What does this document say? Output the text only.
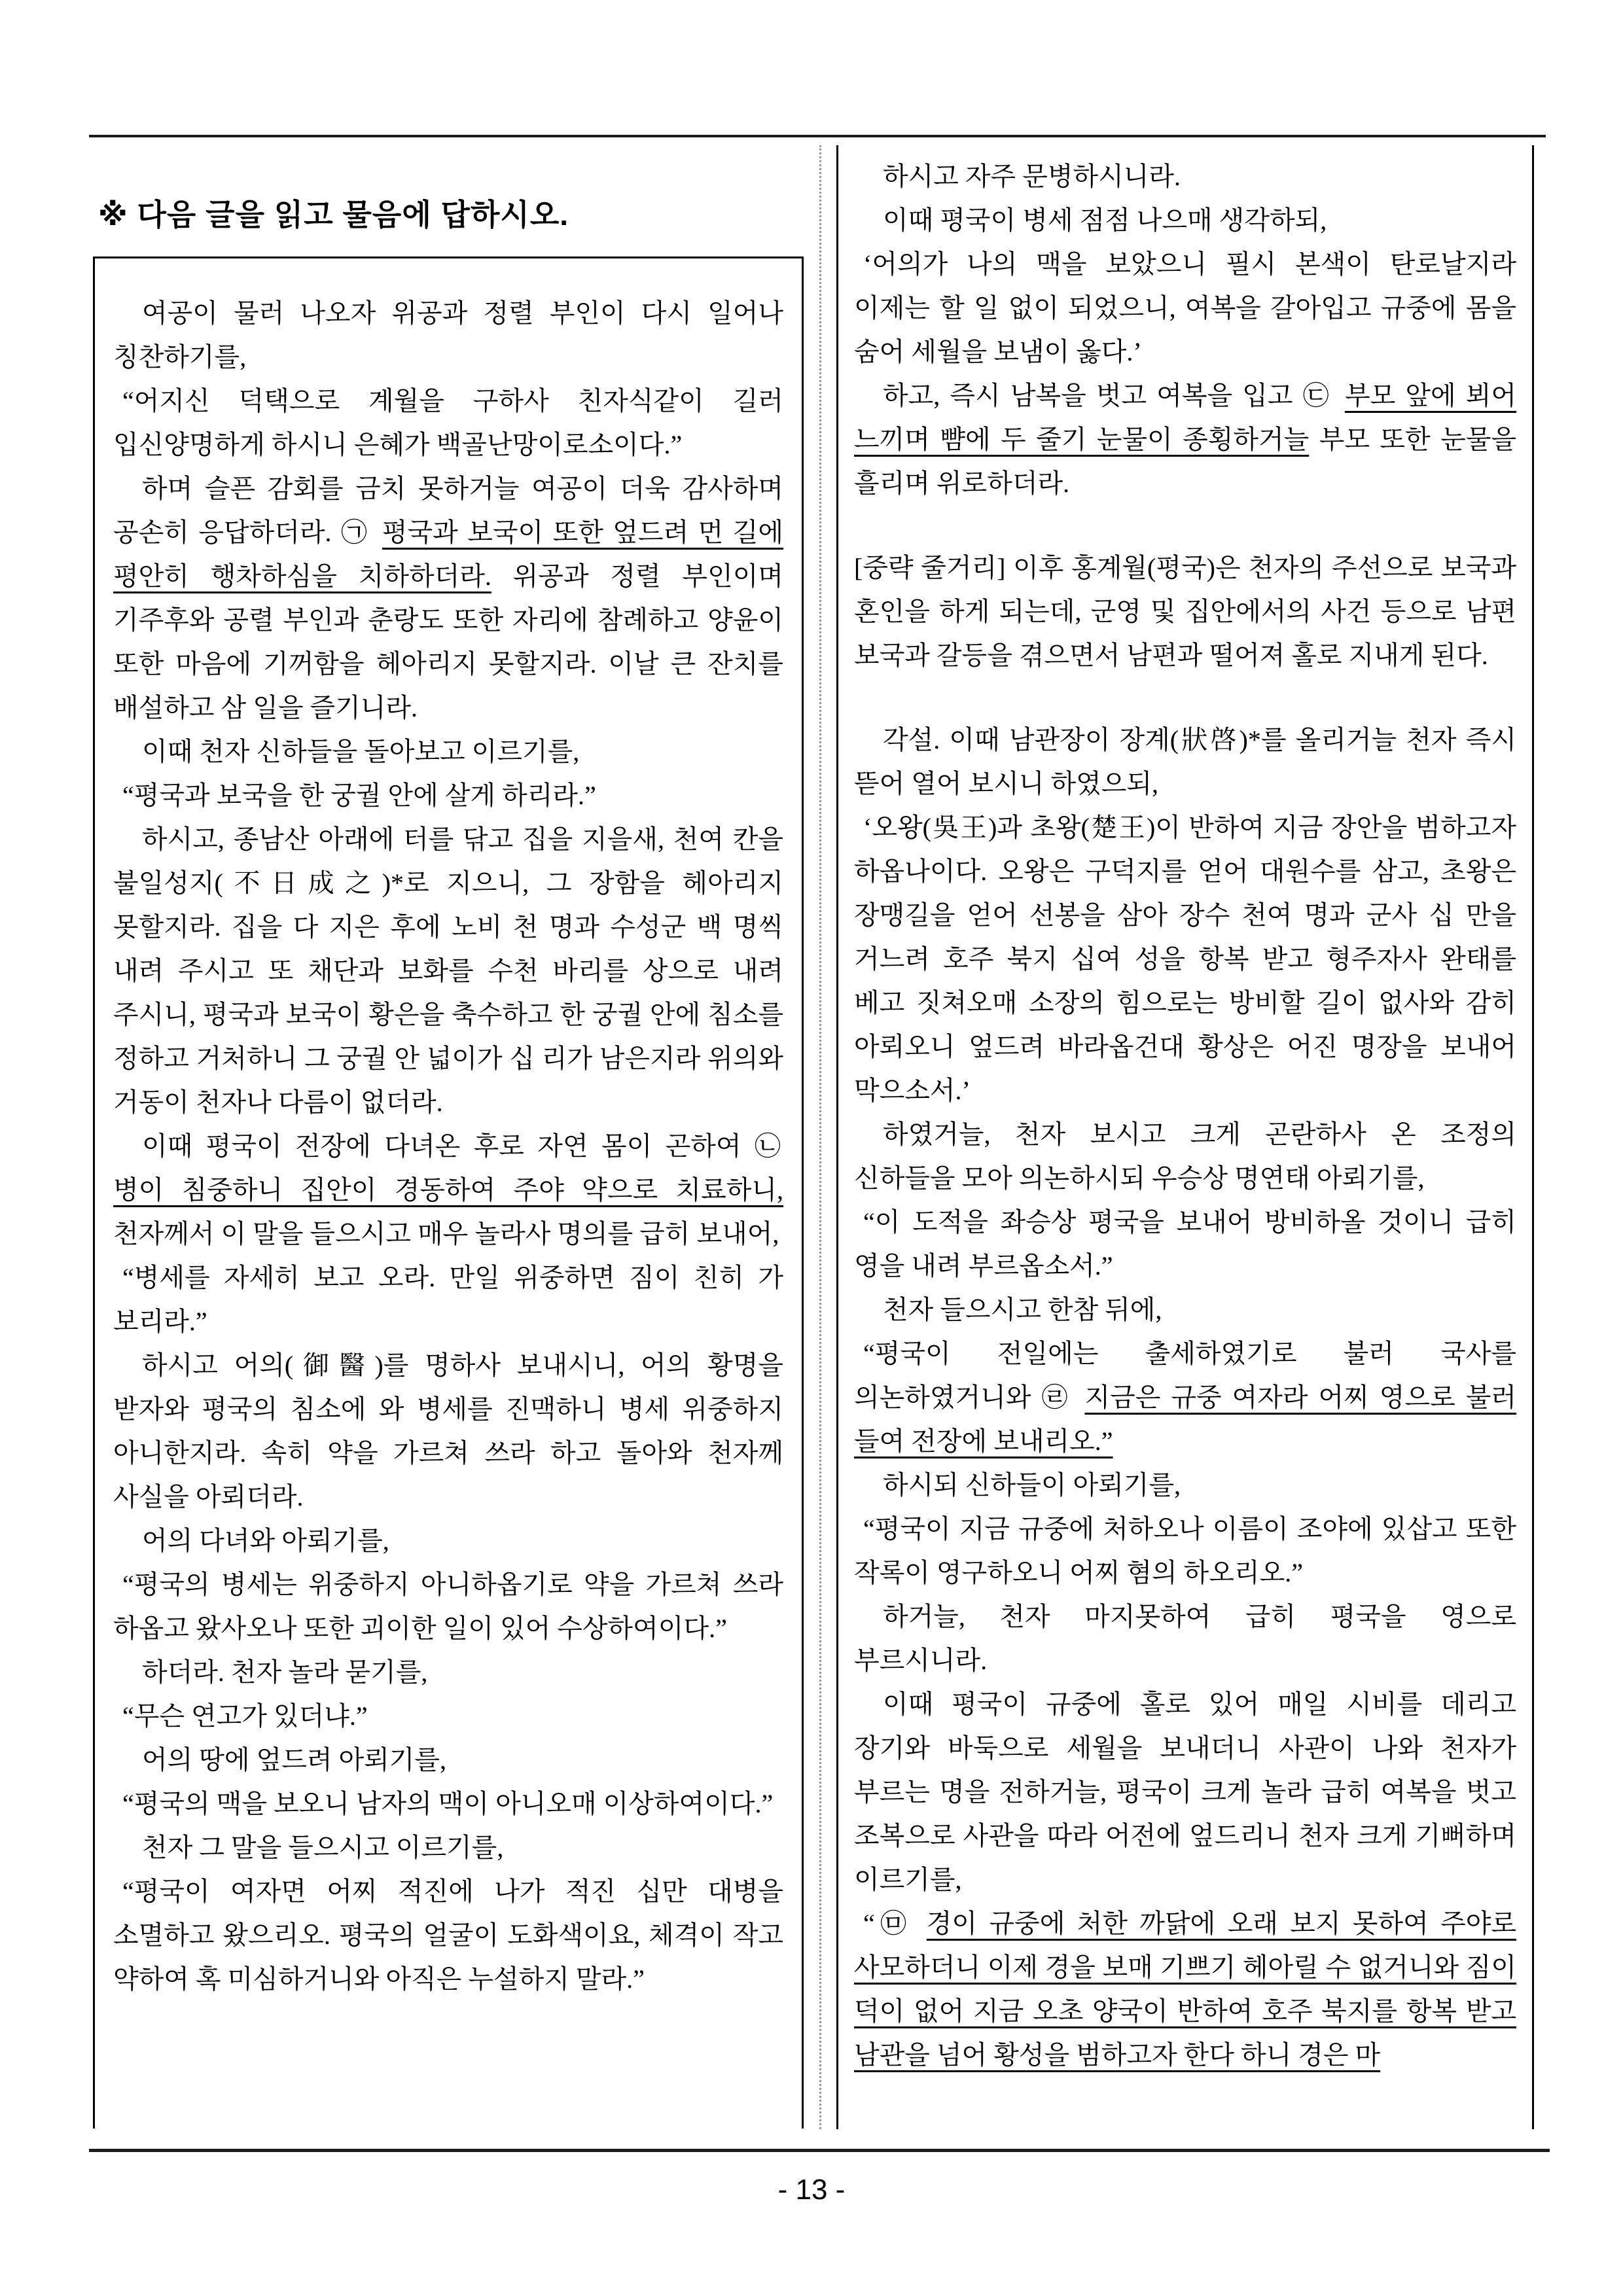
※ 다음 글을 읽고 물음에 답하시오.

여공이 물러 나오자 위공과 정렬 부인이 다시 일어나 칭찬하기를,

“어지신 덕택으로 계월을 구하사 친자식같이 길러 입신양명하게 하시니 은혜가 백골난망이로소이다.”

하며 슬픈 감회를 금치 못하거늘 여공이 더욱 감사하며 공손히 응답하더라. ㉠ 평국과 보국이 또한 엎드려 먼 길에 평안히 행차하심을 치하하더라. 위공과 정렬 부인이며 기주후와 공렬 부인과 춘랑도 또한 자리에 참례하고 양윤이 또한 마음에 기꺼함을 헤아리지 못할지라. 이날 큰 잔치를 배설하고 삼 일을 즐기니라.

이때 천자 신하들을 돌아보고 이르기를,

“평국과 보국을 한 궁궐 안에 살게 하리라.”

하시고, 종남산 아래에 터를 닦고 집을 지을새, 천여 칸을 불일성지(不日成之)*로 지으니, 그 장함을 헤아리지 못할지라. 집을 다 지은 후에 노비 천 명과 수성군 백 명씩 내려 주시고 또 채단과 보화를 수천 바리를 상으로 내려 주시니, 평국과 보국이 황은을 축수하고 한 궁궐 안에 침소를 정하고 거처하니 그 궁궐 안 넓이가 십 리가 남은지라 위의와 거동이 천자나 다름이 없더라.

이때 평국이 전장에 다녀온 후로 자연 몸이 곤하여 ㉡ 병이 침중하니 집안이 경동하여 주야 약으로 치료하니, 천자께서 이 말을 들으시고 매우 놀라사 명의를 급히 보내어,

“병세를 자세히 보고 오라. 만일 위중하면 짐이 친히 가 보리라.”

하시고 어의(御醫)를 명하사 보내시니, 어의 황명을 받자와 평국의 침소에 와 병세를 진맥하니 병세 위중하지 아니한지라. 속히 약을 가르쳐 쓰라 하고 돌아와 천자께 사실을 아뢰더라.

어의 다녀와 아뢰기를,

“평국의 병세는 위중하지 아니하옵기로 약을 가르쳐 쓰라 하옵고 왔사오나 또한 괴이한 일이 있어 수상하여이다.”

하더라. 천자 놀라 묻기를,

“무슨 연고가 있더냐.”

어의 땅에 엎드려 아뢰기를,

“평국의 맥을 보오니 남자의 맥이 아니오매 이상하여이다.”

천자 그 말을 들으시고 이르기를,

“평국이 여자면 어찌 적진에 나가 적진 십만 대병을 소멸하고 왔으리오. 평국의 얼굴이 도화색이요, 체격이 작고 약하여 혹 미심하거니와 아직은 누설하지 말라.”

하시고 자주 문병하시니라.

이때 평국이 병세 점점 나으매 생각하되,

‘어의가 나의 맥을 보았으니 필시 본색이 탄로날지라 이제는 할 일 없이 되었으니, 여복을 갈아입고 규중에 몸을 숨어 세월을 보냄이 옳다.’

하고, 즉시 남복을 벗고 여복을 입고 ㉢ 부모 앞에 뵈어 느끼며 뺨에 두 줄기 눈물이 종횡하거늘 부모 또한 눈물을 흘리며 위로하더라.

[중략 줄거리] 이후 홍계월(평국)은 천자의 주선으로 보국과 혼인을 하게 되는데, 군영 및 집안에서의 사건 등으로 남편 보국과 갈등을 겪으면서 남편과 떨어져 홀로 지내게 된다.

각설. 이때 남관장이 장계(狀啓)*를 올리거늘 천자 즉시 뜯어 열어 보시니 하였으되,

‘오왕(吳王)과 초왕(楚王)이 반하여 지금 장안을 범하고자 하옵나이다. 오왕은 구덕지를 얻어 대원수를 삼고, 초왕은 장맹길을 얻어 선봉을 삼아 장수 천여 명과 군사 십 만을 거느려 호주 북지 십여 성을 항복 받고 형주자사 완태를 베고 짓쳐오매 소장의 힘으로는 방비할 길이 없사와 감히 아뢰오니 엎드려 바라옵건대 황상은 어진 명장을 보내어 막으소서.’

하였거늘, 천자 보시고 크게 곤란하사 온 조정의 신하들을 모아 의논하시되 우승상 명연태 아뢰기를,

“이 도적을 좌승상 평국을 보내어 방비하올 것이니 급히 영을 내려 부르옵소서.”

천자 들으시고 한참 뒤에,

“평국이 전일에는 출세하였기로 불러 국사를 의논하였거니와 ㉣ 지금은 규중 여자라 어찌 영으로 불러 들여 전장에 보내리오.”

하시되 신하들이 아뢰기를,

“평국이 지금 규중에 처하오나 이름이 조야에 있삽고 또한 작록이 영구하오니 어찌 혐의 하오리오.”

하거늘, 천자 마지못하여 급히 평국을 영으로 부르시니라.

이때 평국이 규중에 홀로 있어 매일 시비를 데리고 장기와 바둑으로 세월을 보내더니 사관이 나와 천자가 부르는 명을 전하거늘, 평국이 크게 놀라 급히 여복을 벗고 조복으로 사관을 따라 어전에 엎드리니 천자 크게 기뻐하며 이르기를,

“㉤ 경이 규중에 처한 까닭에 오래 보지 못하여 주야로 사모하더니 이제 경을 보매 기쁘기 헤아릴 수 없거니와 짐이 덕이 없어 지금 오초 양국이 반하여 호주 북지를 항복 받고 남관을 넘어 황성을 범하고자 한다 하니 경은 마

- 13 -
